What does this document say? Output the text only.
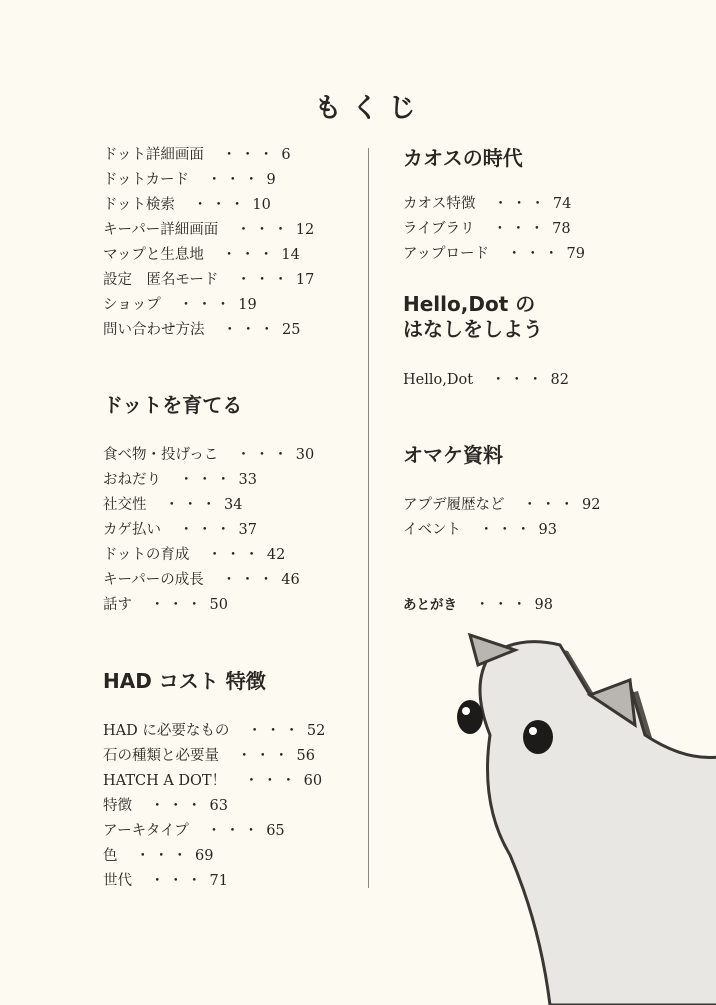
もくじ
ドットを育てる
HAD コスト 特徴
カオスの時代
Hello,Dot の
はなしをしよう
オマケ資料
あとがき ・・・ 98
ドット詳細画面 ・・・ 6
ドットカード ・・・ 9
ドット検索 ・・・ 10
キーパー詳細画面 ・・・ 12
マップと生息地 ・・・ 14
設定　匿名モード ・・・ 17
ショップ ・・・ 19
問い合わせ方法 ・・・ 25
食べ物・投げっこ ・・・ 30
おねだり ・・・ 33
社交性 ・・・ 34
カゲ払い ・・・ 37
ドットの育成 ・・・ 42
キーパーの成長 ・・・ 46
話す ・・・ 50
HAD に必要なもの ・・・ 52
石の種類と必要量 ・・・ 56
HATCH A DOT！ ・・・ 60
特徴 ・・・ 63
アーキタイプ ・・・ 65
色 ・・・ 69
世代 ・・・ 71
カオス特徴 ・・・ 74
ライブラリ ・・・ 78
アップロード ・・・ 79
Hello,Dot ・・・ 82
アプデ履歴など ・・・ 92
イベント ・・・ 93
